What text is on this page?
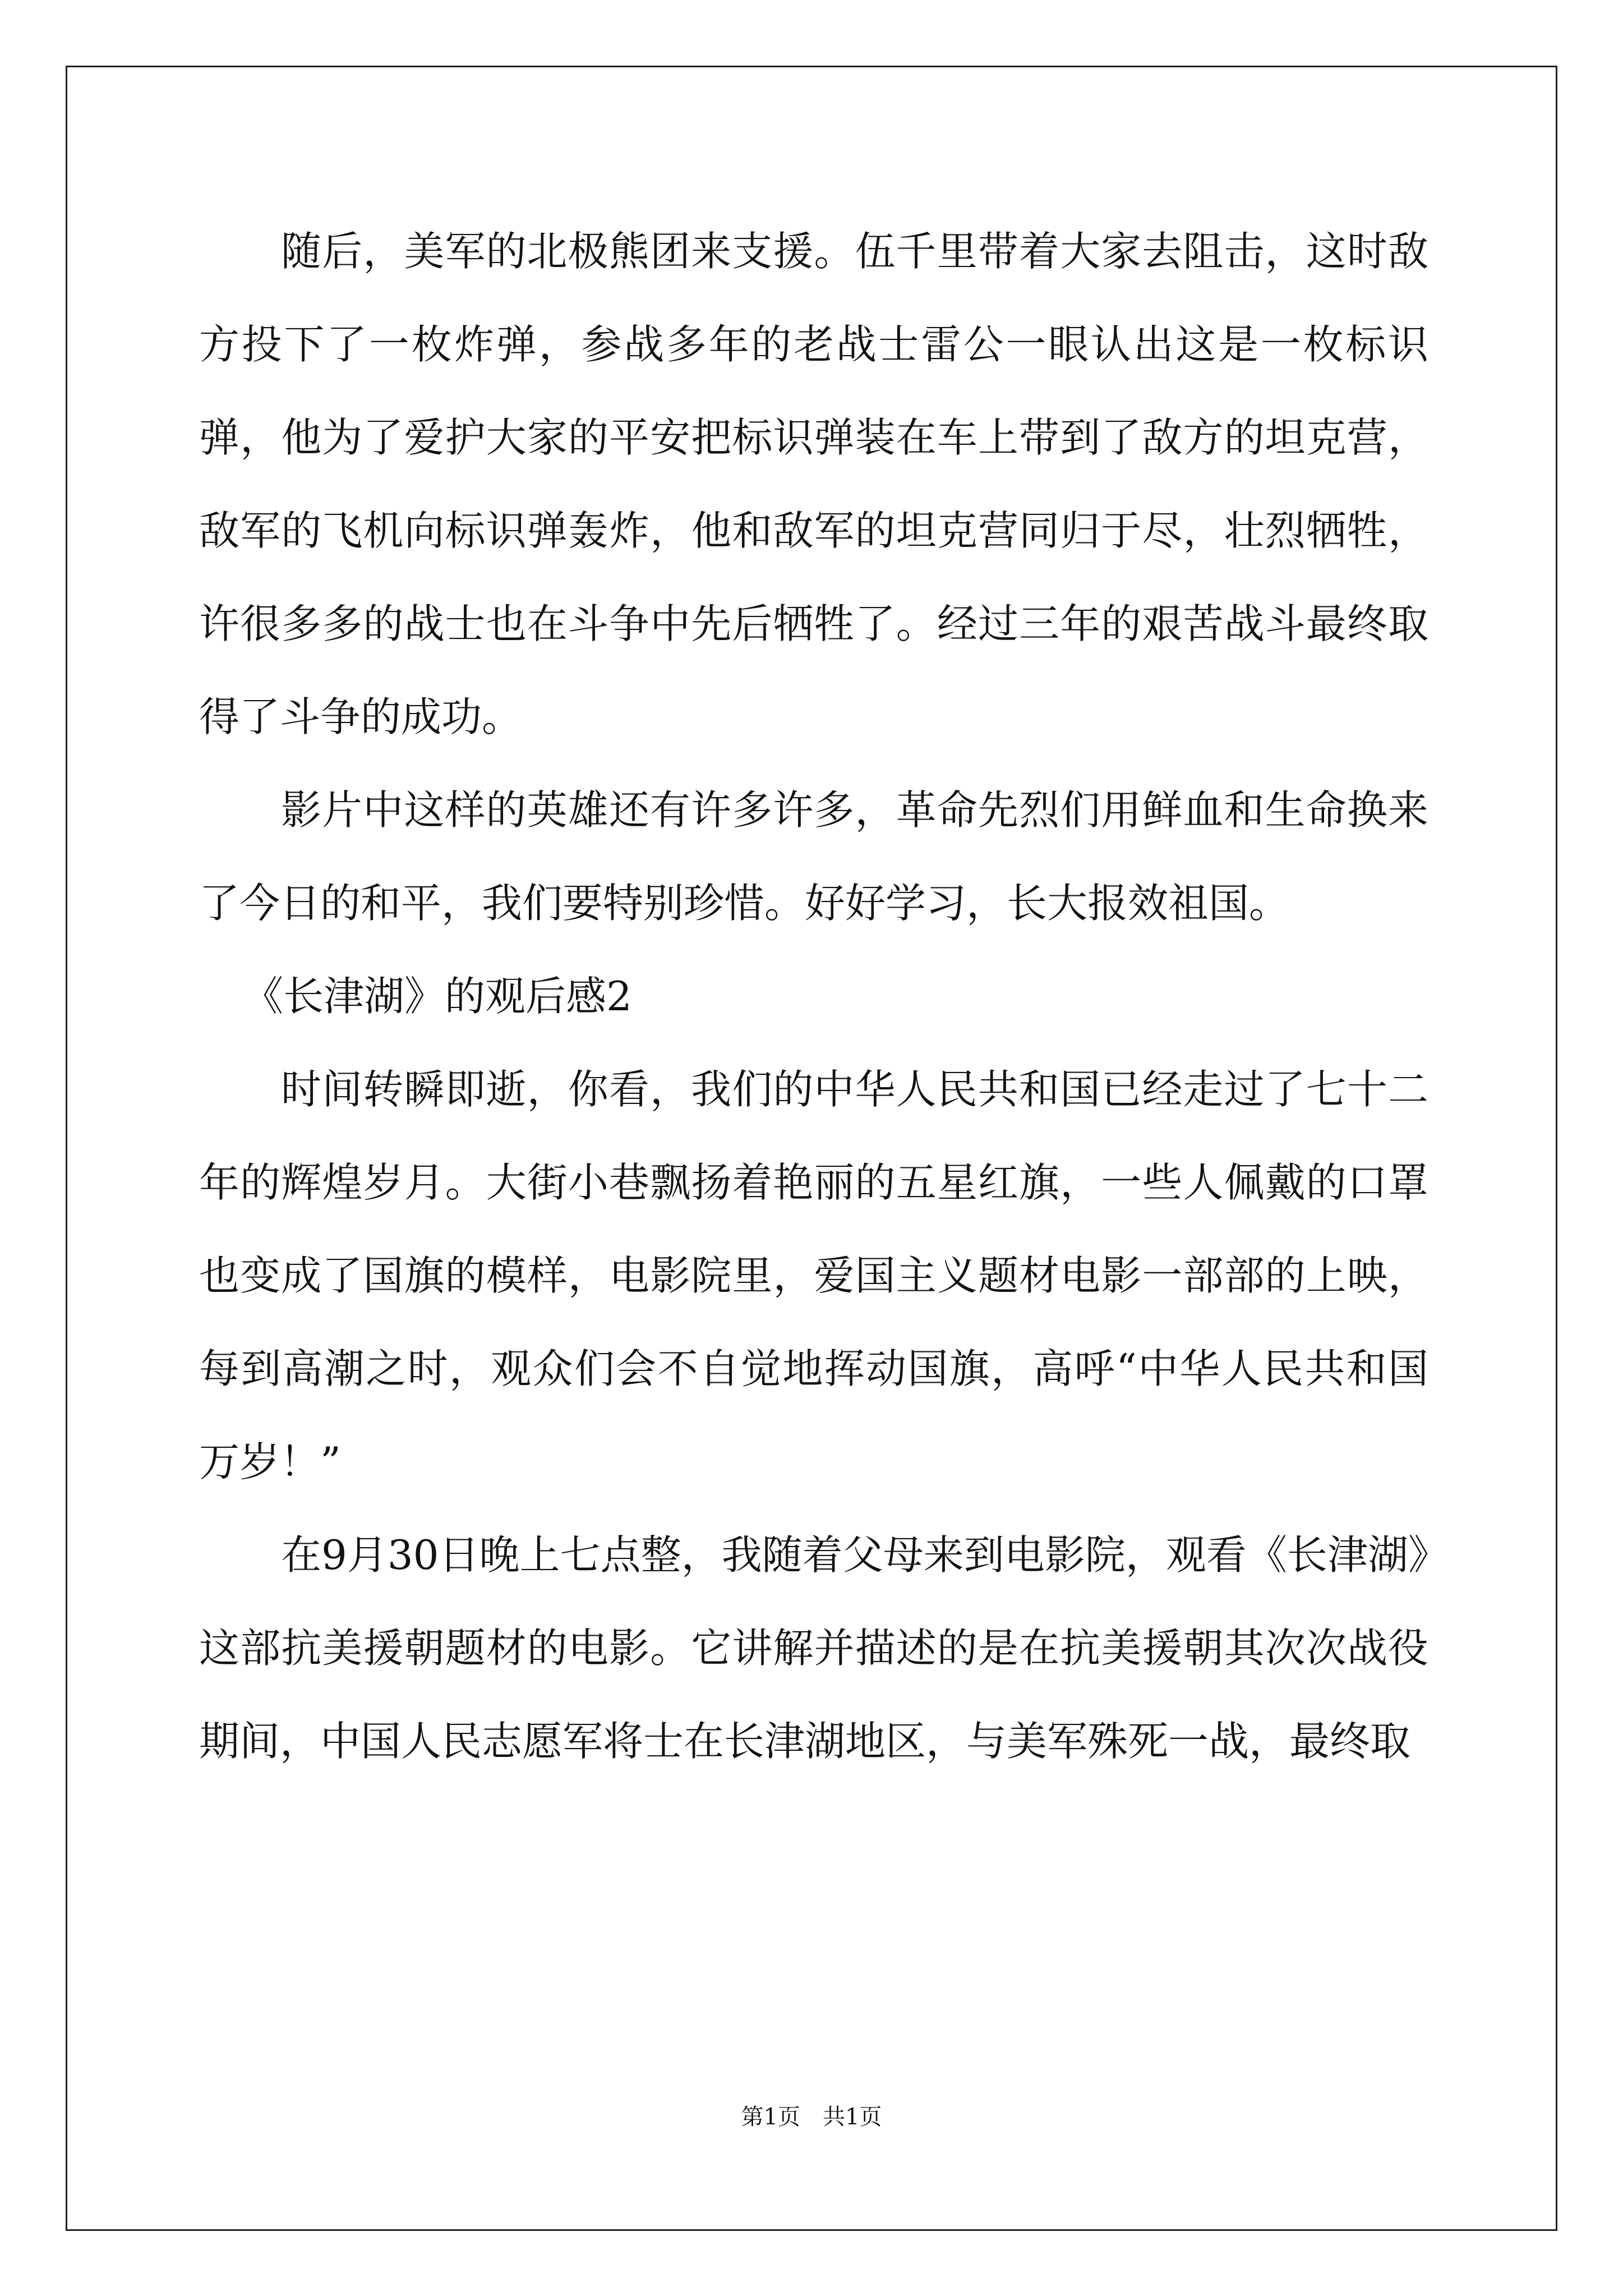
随后，美军的北极熊团来支援。伍千里带着大家去阻击，这时敌方投下了一枚炸弹，参战多年的老战士雷公一眼认出这是一枚标识弹，他为了爱护大家的平安把标识弹装在车上带到了敌方的坦克营，敌军的飞机向标识弹轰炸，他和敌军的坦克营同归于尽，壮烈牺牲，许很多多的战士也在斗争中先后牺牲了。经过三年的艰苦战斗最终取得了斗争的成功。

影片中这样的英雄还有许多许多，革命先烈们用鲜血和生命换来了今日的和平，我们要特别珍惜。好好学习，长大报效祖国。

《长津湖》的观后感2

时间转瞬即逝，你看，我们的中华人民共和国已经走过了七十二年的辉煌岁月。大街小巷飘扬着艳丽的五星红旗，一些人佩戴的口罩也变成了国旗的模样，电影院里，爱国主义题材电影一部部的上映，每到高潮之时，观众们会不自觉地挥动国旗，高呼“中华人民共和国万岁！”

在9月30日晚上七点整，我随着父母来到电影院，观看《长津湖》这部抗美援朝题材的电影。它讲解并描述的是在抗美援朝其次次战役期间，中国人民志愿军将士在长津湖地区，与美军殊死一战，最终取

第1页　共1页
